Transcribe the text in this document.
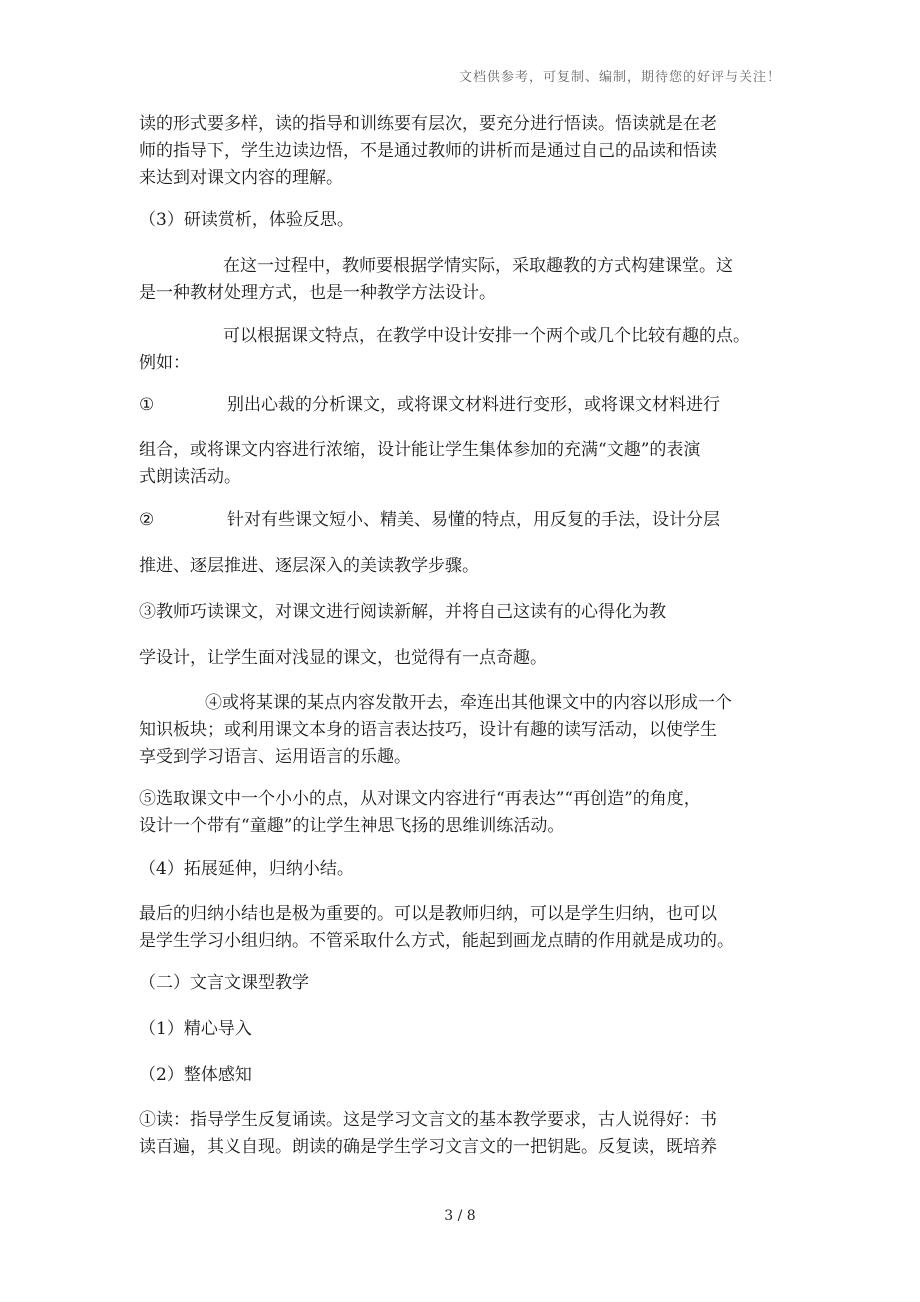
文档供参考，可复制、编制，期待您的好评与关注！
读的形式要多样，读的指导和训练要有层次，要充分进行悟读。悟读就是在老
师的指导下，学生边读边悟，不是通过教师的讲析而是通过自己的品读和悟读
来达到对课文内容的理解。
（3）研读赏析，体验反思。
在这一过程中，教师要根据学情实际，采取趣教的方式构建课堂。这
是一种教材处理方式，也是一种教学方法设计。
可以根据课文特点，在教学中设计安排一个两个或几个比较有趣的点。
例如：
①	别出心裁的分析课文，或将课文材料进行变形，或将课文材料进行
组合，或将课文内容进行浓缩，设计能让学生集体参加的充满“文趣”的表演
式朗读活动。
②	针对有些课文短小、精美、易懂的特点，用反复的手法，设计分层
推进、逐层推进、逐层深入的美读教学步骤。
③教师巧读课文，对课文进行阅读新解，并将自己这读有的心得化为教
学设计，让学生面对浅显的课文，也觉得有一点奇趣。
④或将某课的某点内容发散开去，牵连出其他课文中的内容以形成一个
知识板块；或利用课文本身的语言表达技巧，设计有趣的读写活动，以使学生
享受到学习语言、运用语言的乐趣。
⑤选取课文中一个小小的点，从对课文内容进行“再表达”“再创造”的角度，
设计一个带有“童趣”的让学生神思飞扬的思维训练活动。
（4）拓展延伸，归纳小结。
最后的归纳小结也是极为重要的。可以是教师归纳，可以是学生归纳，也可以
是学生学习小组归纳。不管采取什么方式，能起到画龙点睛的作用就是成功的。
（二）文言文课型教学
（1）精心导入
（2）整体感知
①读：指导学生反复诵读。这是学习文言文的基本教学要求，古人说得好：书
读百遍，其义自现。朗读的确是学生学习文言文的一把钥匙。反复读，既培养
3 / 8
